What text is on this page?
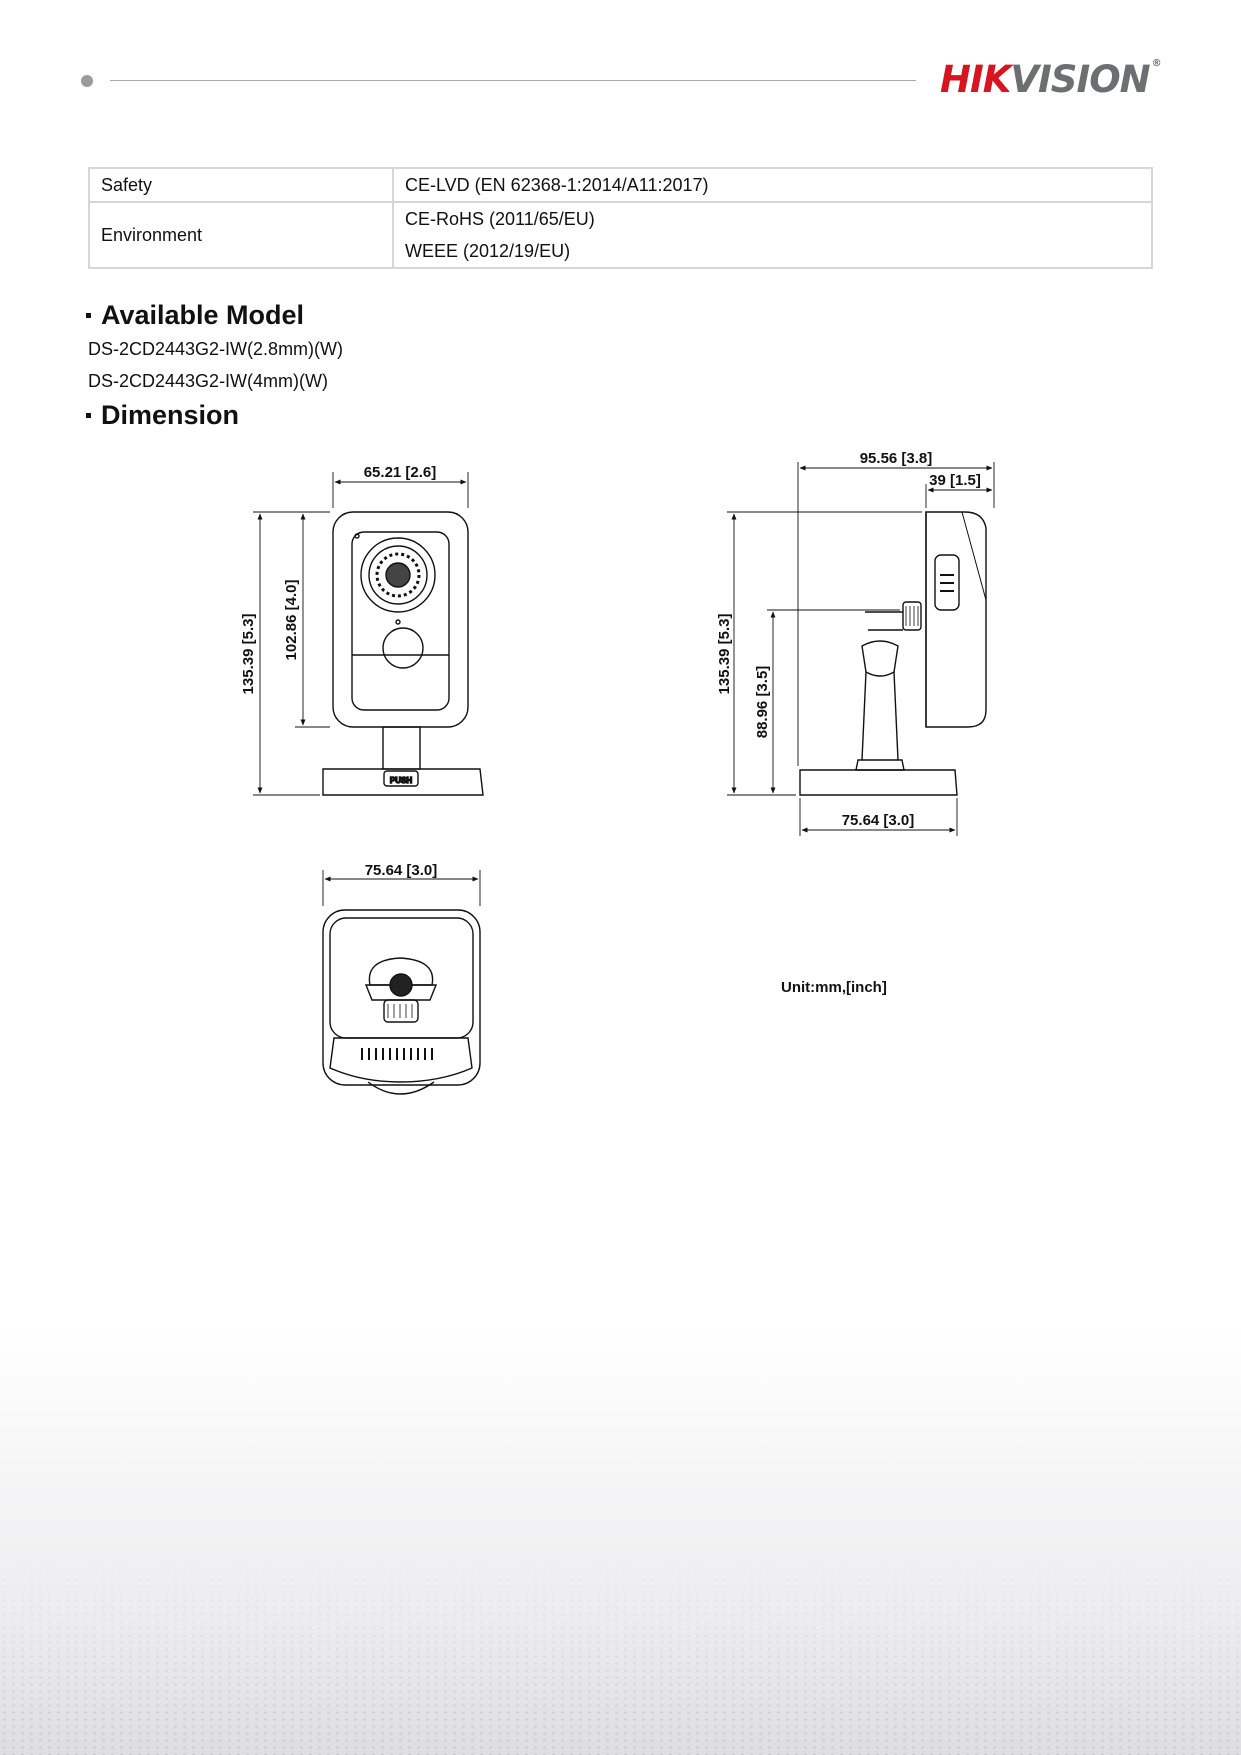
HIKVISION ®
Safety	CE-LVD (EN 62368-1:2014/A11:2017)

Environment	CE-RoHS (2011/65/EU)
WEEE (2012/19/EU)
Available Model
DS-2CD2443G2-IW(2.8mm)(W)
DS-2CD2443G2-IW(4mm)(W)
Dimension
PUSH
65.21 [2.6]
102.86 [4.0]
135.39 [5.3]
95.56 [3.8]
39 [1.5]
135.39 [5.3]
88.96 [3.5]
75.64 [3.0]
75.64 [3.0]
Unit:mm,[inch]
